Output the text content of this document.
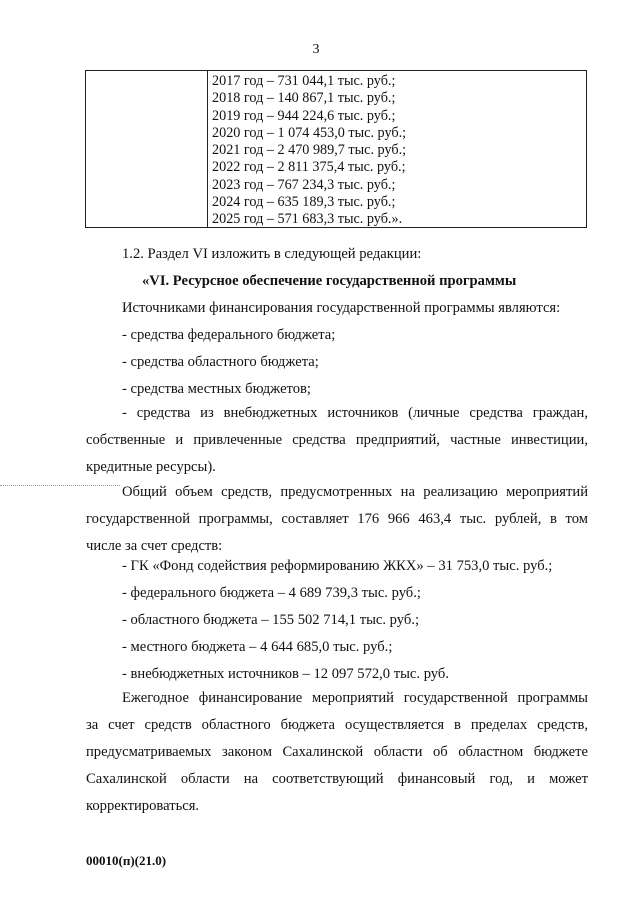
3
2017 год – 731 044,1 тыс. руб.;
2018 год – 140 867,1 тыс. руб.;
2019 год – 944 224,6 тыс. руб.;
2020 год – 1 074 453,0 тыс. руб.;
2021 год – 2 470 989,7 тыс. руб.;
2022 год – 2 811 375,4 тыс. руб.;
2023 год – 767 234,3 тыс. руб.;
2024 год – 635 189,3 тыс. руб.;
2025 год – 571 683,3 тыс. руб.».
1.2. Раздел VI изложить в следующей редакции:
«VI. Ресурсное обеспечение государственной программы
Источниками финансирования государственной программы являются:
- средства федерального бюджета;
- средства областного бюджета;
- средства местных бюджетов;
- средства из внебюджетных источников (личные средства граждан,
собственные и привлеченные средства предприятий, частные инвестиции,
кредитные ресурсы).
Общий объем средств, предусмотренных на реализацию мероприятий
государственной программы, составляет 176 966 463,4 тыс. рублей, в том
числе за счет средств:
- ГК «Фонд содействия реформированию ЖКХ» – 31 753,0 тыс. руб.;
- федерального бюджета – 4 689 739,3 тыс. руб.;
- областного бюджета – 155 502 714,1 тыс. руб.;
- местного бюджета – 4 644 685,0 тыс. руб.;
- внебюджетных источников – 12 097 572,0 тыс. руб.
Ежегодное финансирование мероприятий государственной программы
за счет средств областного бюджета осуществляется в пределах средств,
предусматриваемых законом Сахалинской области об областном бюджете
Сахалинской области на соответствующий финансовый год, и может
корректироваться.
00010(п)(21.0)
